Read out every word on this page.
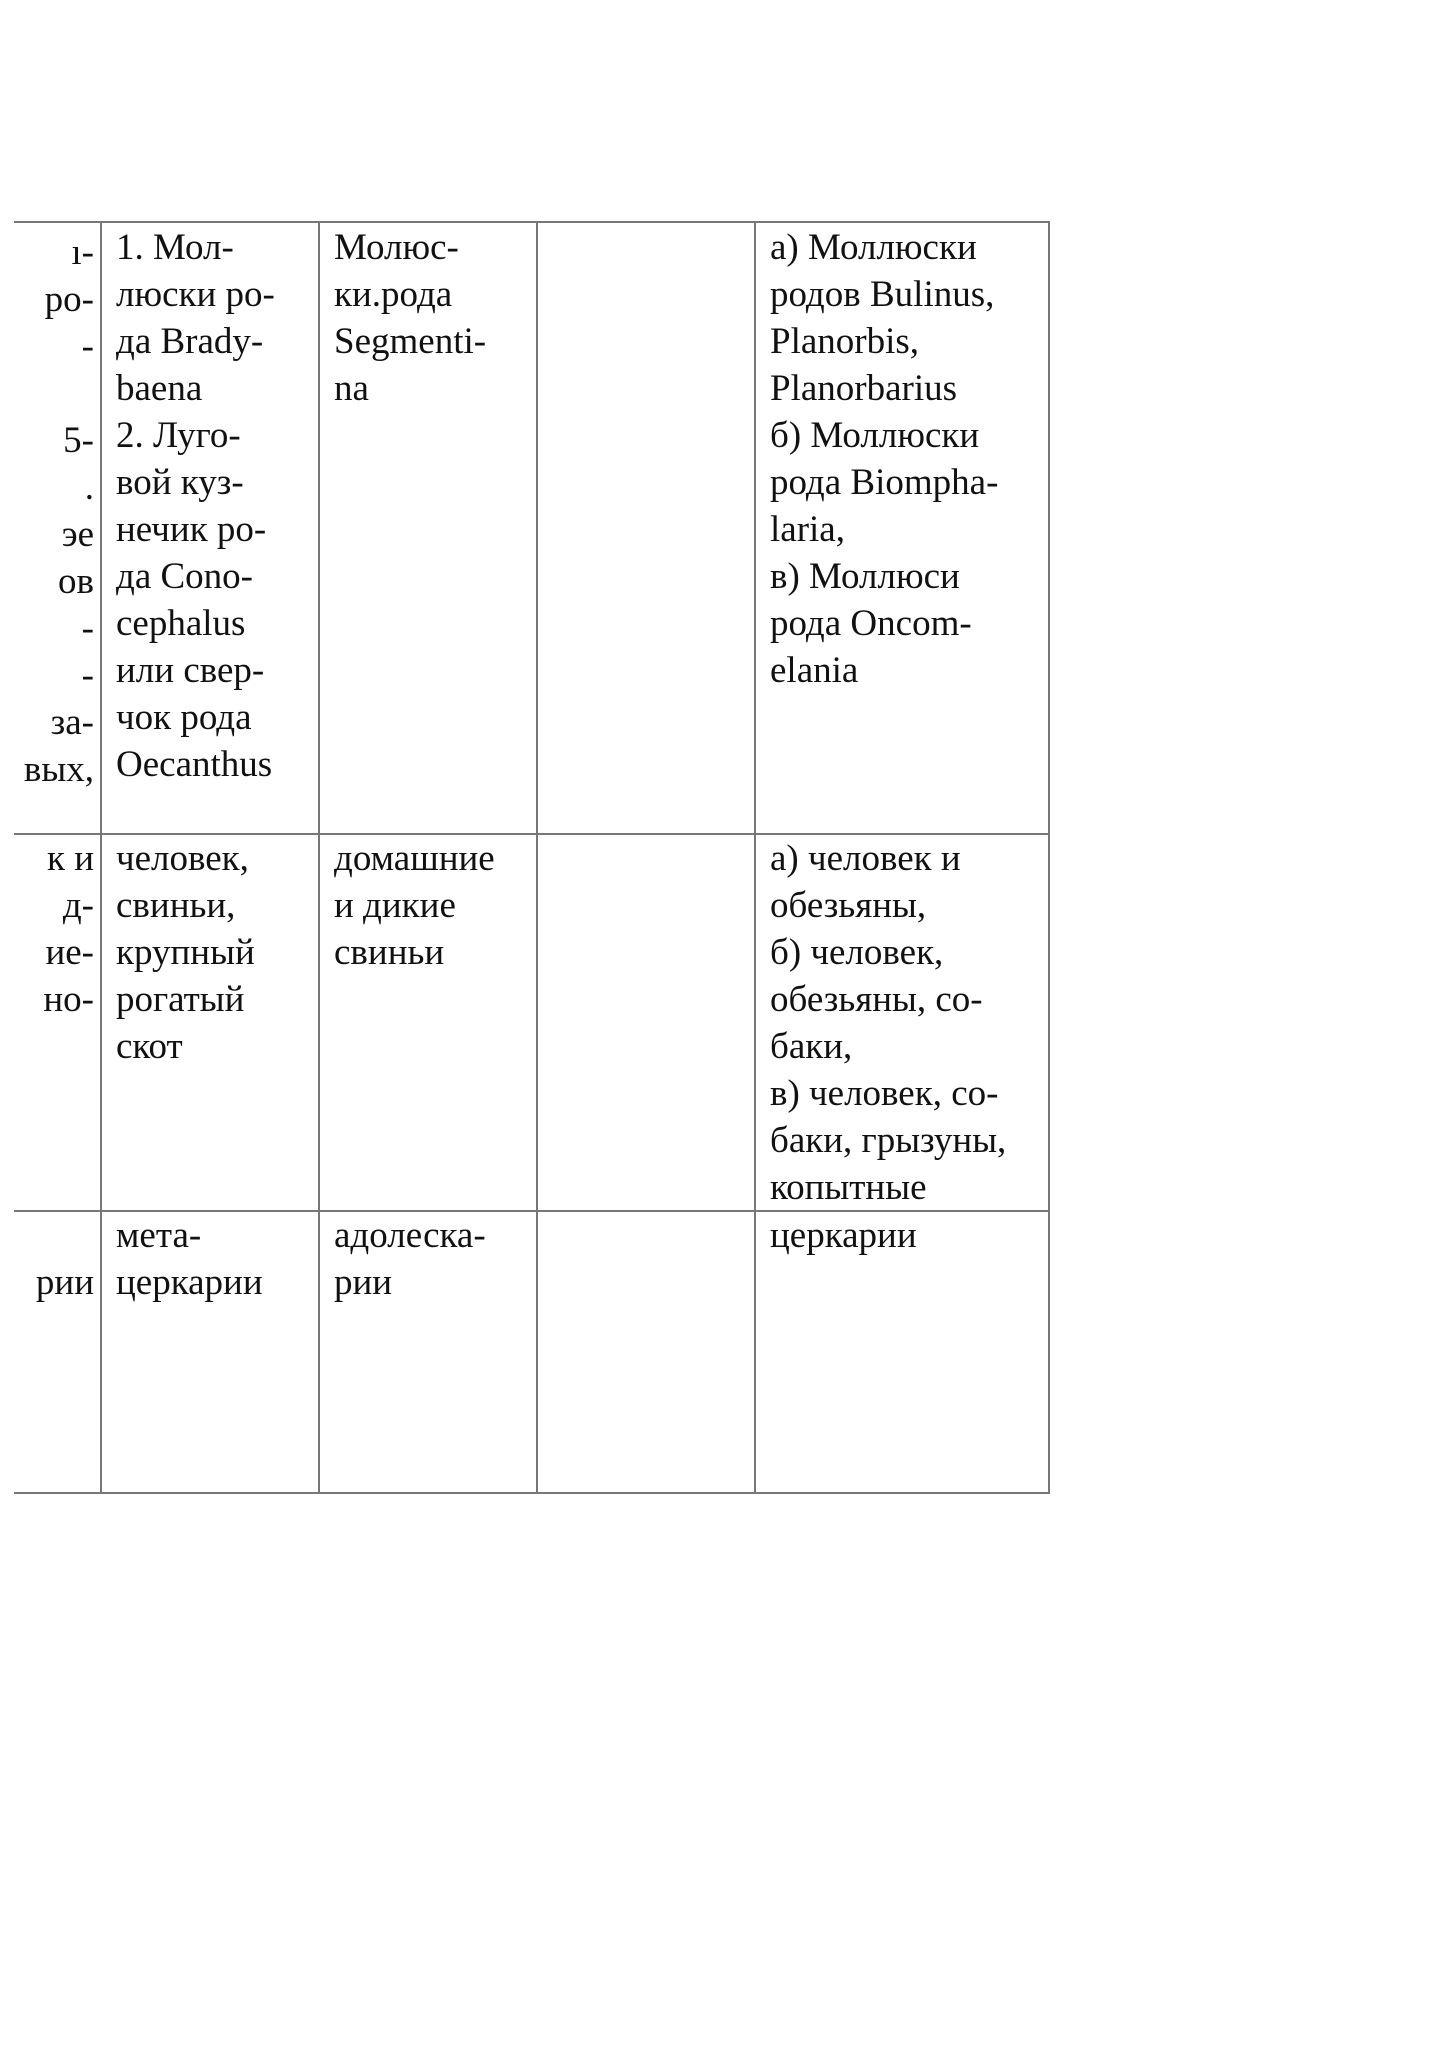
ı-
ро-
-

5-
.
эе
ов
-
-
за-
вых,

1. Мол-
люски ро-
да Brady-
baena
2. Луго-
вой куз-
нечик ро-
да Cono-
cephalus
или свер-
чок рода
Oecanthus
Молюс-
ки.рода
Segmenti-
na
а) Моллюски
родов Bulinus,
Planorbis,
Planorbarius
б) Моллюски
рода Biompha-
laria,
в) Моллюси
рода Oncom-
elania

к и
д-
ие-
но-

человек,
свиньи,
крупный
рогатый
скот
домашние
и дикие
свиньи
а) человек и
обезьяны,
б) человек,
обезьяны, со-
баки,
в) человек, со-
баки, грызуны,
копытные

рии

мета-
церкарии
адолеска-
рии
церкарии
